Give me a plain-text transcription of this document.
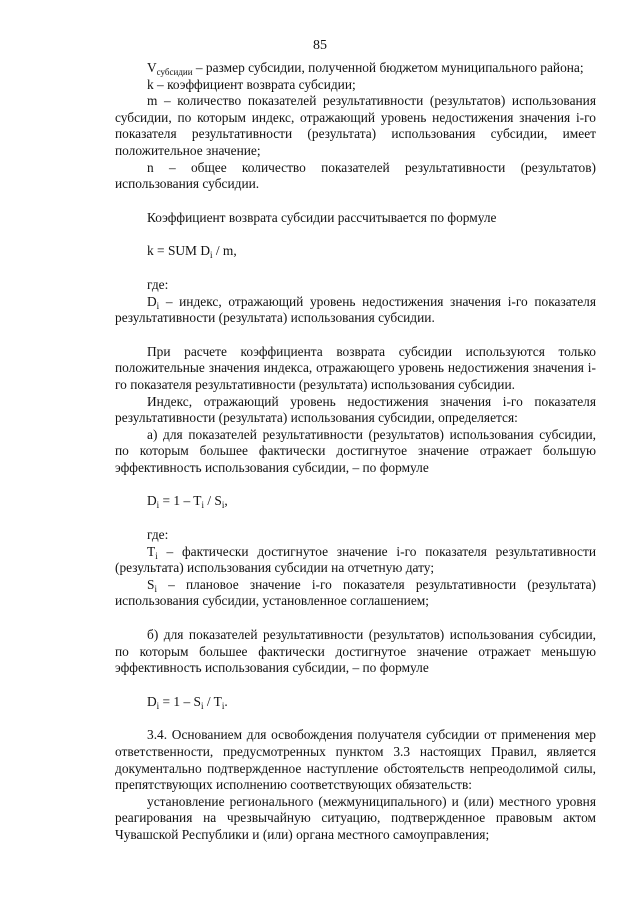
85

$V_{субсидии}$ – размер субсидии, полученной бюджетом муниципального района;

k – коэффициент возврата субсидии;

m – количество показателей результативности (результатов) использования субсидии, по которым индекс, отражающий уровень недостижения значения i-го показателя результативности (результата) использования субсидии, имеет положительное значение;

n – общее количество показателей результативности (результатов) использования субсидии.

Коэффициент возврата субсидии рассчитывается по формуле

k = SUM $D_i$ / m,

где:

$D_i$ – индекс, отражающий уровень недостижения значения i-го показателя результативности (результата) использования субсидии.

При расчете коэффициента возврата субсидии используются только положительные значения индекса, отражающего уровень недостижения значения i-го показателя результативности (результата) использования субсидии.

Индекс, отражающий уровень недостижения значения i-го показателя результативности (результата) использования субсидии, определяется:

а) для показателей результативности (результатов) использования субсидии, по которым большее фактически достигнутое значение отражает большую эффективность использования субсидии, – по формуле

$D_i = 1 - T_i / S_i$,

где:

$T_i$ – фактически достигнутое значение i-го показателя результативности (результата) использования субсидии на отчетную дату;

$S_i$ – плановое значение i-го показателя результативности (результата) использования субсидии, установленное соглашением;

б) для показателей результативности (результатов) использования субсидии, по которым большее фактически достигнутое значение отражает меньшую эффективность использования субсидии, – по формуле

$D_i = 1 - S_i / T_i$.

3.4. Основанием для освобождения получателя субсидии от применения мер ответственности, предусмотренных пунктом 3.3 настоящих Правил, является документально подтвержденное наступление обстоятельств непреодолимой силы, препятствующих исполнению соответствующих обязательств:

установление регионального (межмуниципального) и (или) местного уровня реагирования на чрезвычайную ситуацию, подтвержденное правовым актом Чувашской Республики и (или) органа местного самоуправления;
